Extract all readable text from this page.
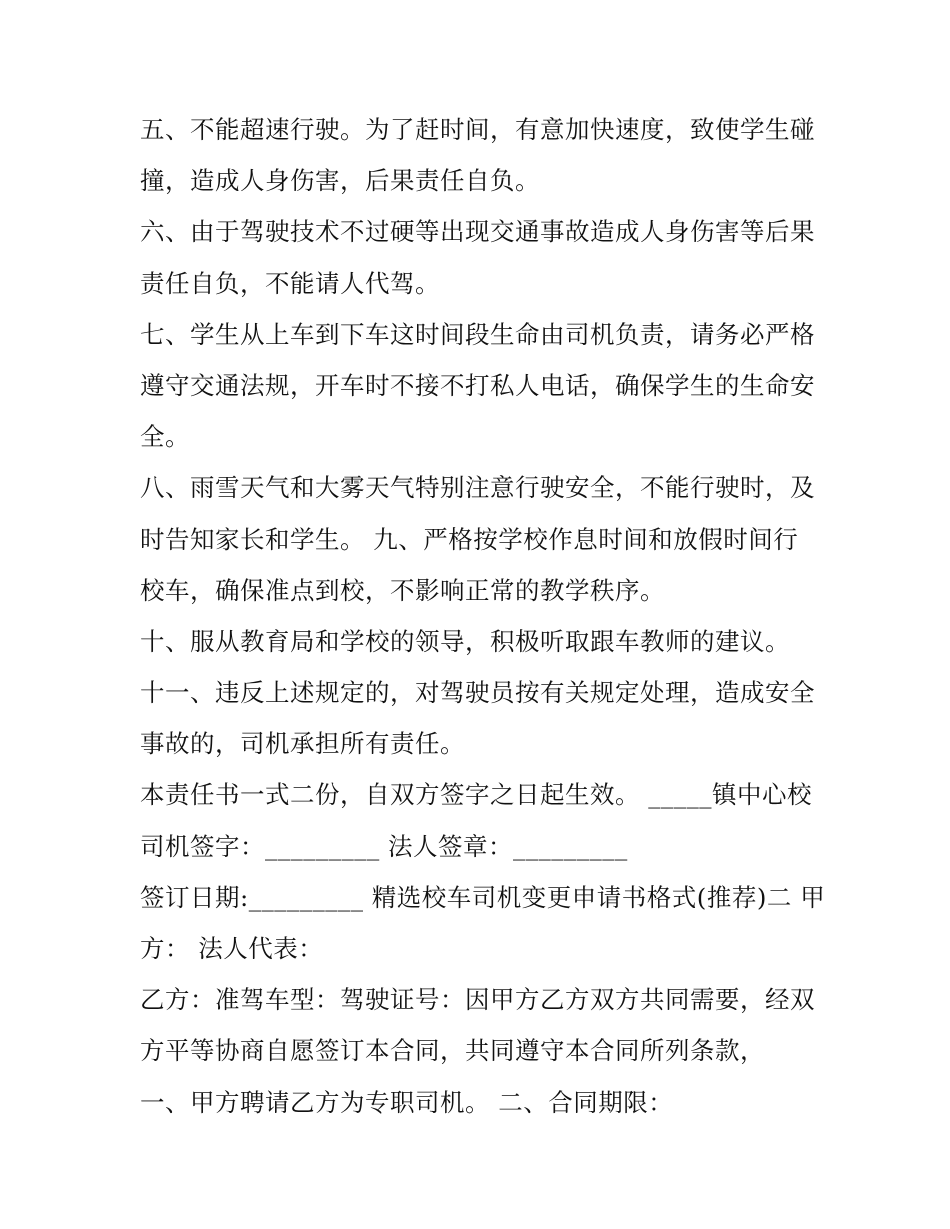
五、不能超速行驶。为了赶时间，有意加快速度，致使学生碰
撞，造成人身伤害，后果责任自负。
六、由于驾驶技术不过硬等出现交通事故造成人身伤害等后果
责任自负，不能请人代驾。
七、学生从上车到下车这时间段生命由司机负责，请务必严格
遵守交通法规，开车时不接不打私人电话，确保学生的生命安
全。
八、雨雪天气和大雾天气特别注意行驶安全，不能行驶时，及
时告知家长和学生。 九、严格按学校作息时间和放假时间行
校车，确保准点到校，不影响正常的教学秩序。
十、服从教育局和学校的领导，积极听取跟车教师的建议。
十一、违反上述规定的，对驾驶员按有关规定处理，造成安全
事故的，司机承担所有责任。
本责任书一式二份，自双方签字之日起生效。 _____镇中心校
司机签字：_________ 法人签章：_________
签订日期:_________ 精选校车司机变更申请书格式(推荐)二 甲
方： 法人代表：
乙方：准驾车型：驾驶证号：因甲方乙方双方共同需要，经双
方平等协商自愿签订本合同，共同遵守本合同所列条款，
一、甲方聘请乙方为专职司机。 二、合同期限：
